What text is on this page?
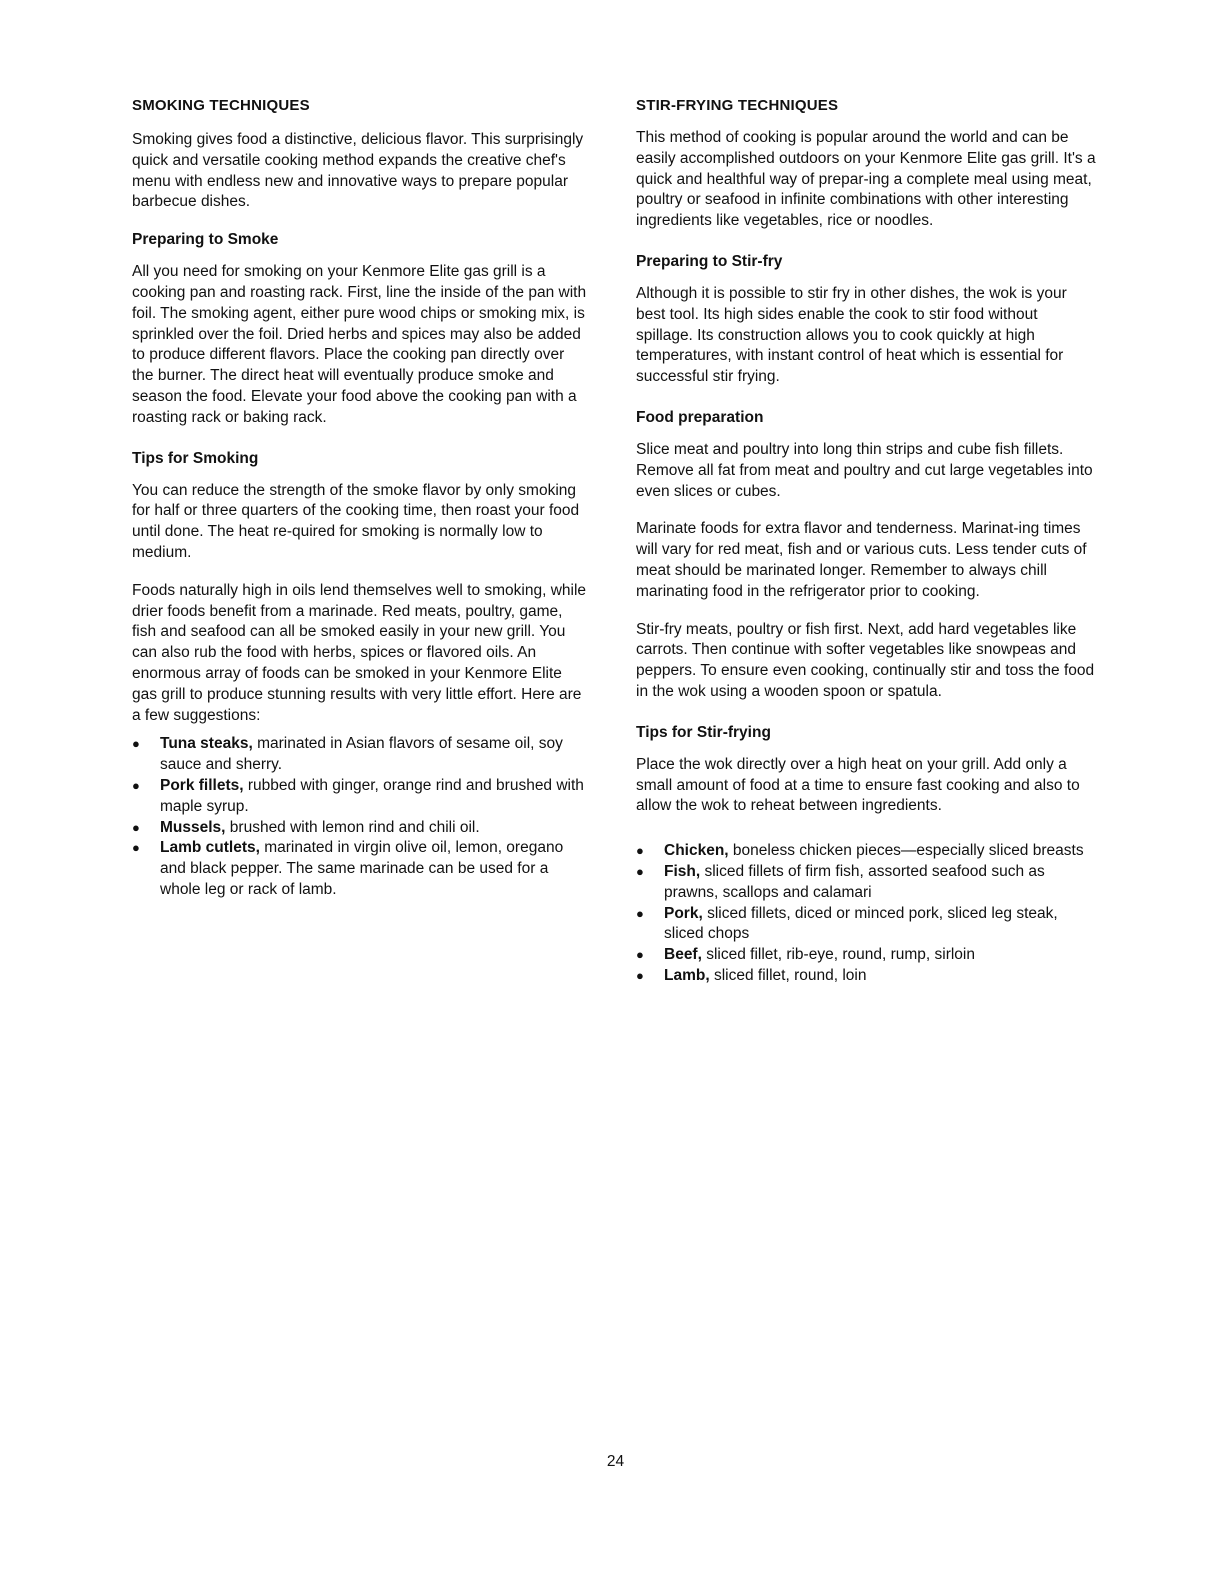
SMOKING TECHNIQUES

Smoking gives food a distinctive, delicious flavor. This surprisingly quick and versatile cooking method expands the creative chef's menu with endless new and innovative ways to prepare popular barbecue dishes.

Preparing to Smoke

All you need for smoking on your Kenmore Elite gas grill is a cooking pan and roasting rack. First, line the inside of the pan with foil. The smoking agent, either pure wood chips or smoking mix, is sprinkled over the foil. Dried herbs and spices may also be added to produce different flavors. Place the cooking pan directly over the burner. The direct heat will eventually produce smoke and season the food. Elevate your food above the cooking pan with a roasting rack or baking rack.

Tips for Smoking

You can reduce the strength of the smoke flavor by only smoking for half or three quarters of the cooking time, then roast your food until done. The heat re-quired for smoking is normally low to medium.

Foods naturally high in oils lend themselves well to smoking, while drier foods benefit from a marinade. Red meats, poultry, game, fish and seafood can all be smoked easily in your new grill. You can also rub the food with herbs, spices or flavored oils. An enormous array of foods can be smoked in your Kenmore Elite gas grill to produce stunning results with very little effort. Here are a few suggestions:

● Tuna steaks, marinated in Asian flavors of sesame oil, soy sauce and sherry.
● Pork fillets, rubbed with ginger, orange rind and brushed with maple syrup.
● Mussels, brushed with lemon rind and chili oil.
● Lamb cutlets, marinated in virgin olive oil, lemon, oregano and black pepper. The same marinade can be used for a whole leg or rack of lamb.
STIR-FRYING TECHNIQUES

This method of cooking is popular around the world and can be easily accomplished outdoors on your Kenmore Elite gas grill. It's a quick and healthful way of prepar-ing a complete meal using meat, poultry or seafood in infinite combinations with other interesting ingredients like vegetables, rice or noodles.

Preparing to Stir-fry

Although it is possible to stir fry in other dishes, the wok is your best tool. Its high sides enable the cook to stir food without spillage. Its construction allows you to cook quickly at high temperatures, with instant control of heat which is essential for successful stir frying.

Food preparation

Slice meat and poultry into long thin strips and cube fish fillets. Remove all fat from meat and poultry and cut large vegetables into even slices or cubes.

Marinate foods for extra flavor and tenderness. Marinat-ing times will vary for red meat, fish and or various cuts. Less tender cuts of meat should be marinated longer. Remember to always chill marinating food in the refrigerator prior to cooking.

Stir-fry meats, poultry or fish first. Next, add hard vegetables like carrots. Then continue with softer vegetables like snowpeas and peppers. To ensure even cooking, continually stir and toss the food in the wok using a wooden spoon or spatula.

Tips for Stir-frying

Place the wok directly over a high heat on your grill. Add only a small amount of food at a time to ensure fast cooking and also to allow the wok to reheat between ingredients.

● Chicken, boneless chicken pieces—especially sliced breasts
● Fish, sliced fillets of firm fish, assorted seafood such as prawns, scallops and calamari
● Pork, sliced fillets, diced or minced pork, sliced leg steak, sliced chops
● Beef, sliced fillet, rib-eye, round, rump, sirloin
● Lamb, sliced fillet, round, loin
24
